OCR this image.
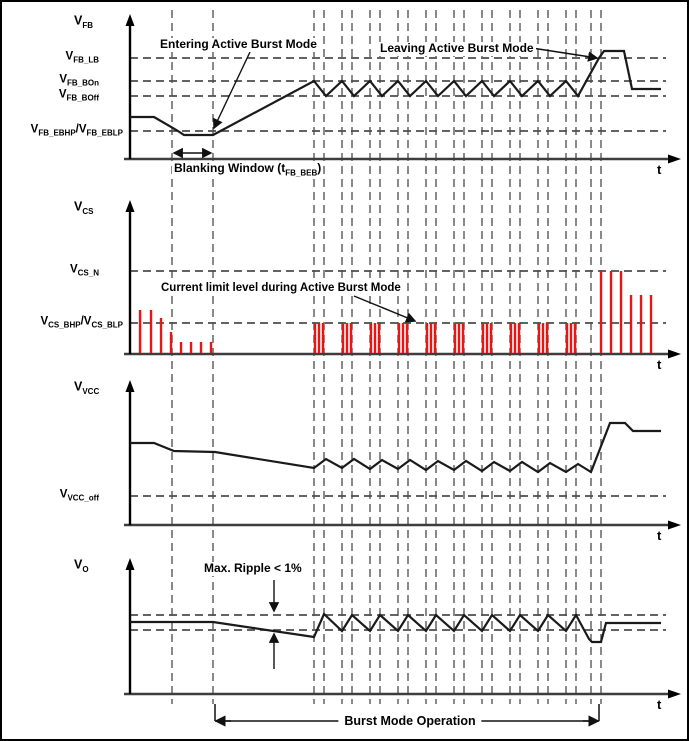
Entering Active Burst Mode	Leaving Active Burst Mode
Current limit level during Active Burst Mode
Max. Ripple < 1%
Burst Mode Operation
t
t
t
t
$V_{FB}$
$V_{FB\_LB}$
$V_{FB\_BOn}$
$V_{FB\_BOff}$
$V_{FB\_EBHP}/V_{FB\_EBLP}$
$V_{CS}$
$V_{CS\_N}$
$V_{CS\_BHP}/V_{CS\_BLP}$
$V_{VCC}$
$V_{VCC\_off}$
$V_O$
Blanking Window $(t_{FB\_BEB})$
